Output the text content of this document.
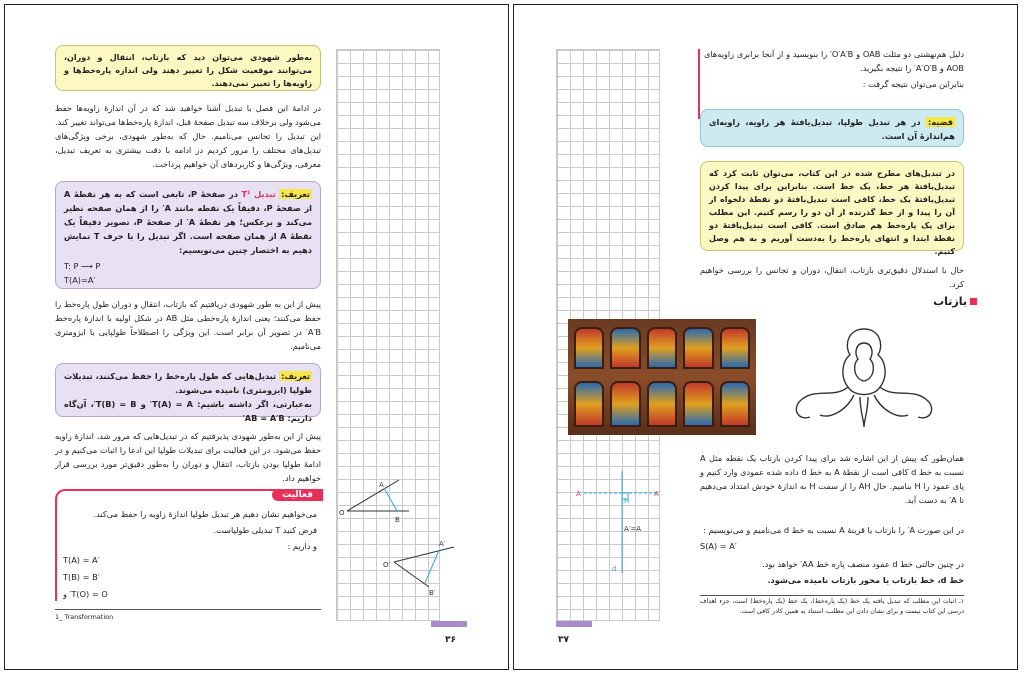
به‌طور شهودی می‌توان دید که بازتاب، انتقال و دوران، می‌توانند موقعیت شکل را تغییر دهند ولی اندازه پاره‌خط‌ها و زاویه‌ها را تغییر نمی‌دهند.
در ادامهٔ این فصل با تبدیل آشنا خواهید شد که در آن اندازهٔ زاویه‌ها حفظ می‌شود ولی برخلاف سه تبدیل صفحهٔ قبل، اندازهٔ پاره‌خط‌ها می‌تواند تغییر کند. این تبدیل را تجانس می‌نامیم. حال که به‌طور شهودی، برخی ویژگی‌های تبدیل‌های مختلف را مرور کردیم در ادامه با دقت بیشتری به تعریف تبدیل، معرفی، ویژگی‌ها و کاربردهای آن خواهیم پرداخت.
تعریف: تبدیل T¹ در صفحهٔ P، تابعی است که به هر نقطهٔ A از صفحهٔ P، دقیقاً یک نقطه مانند A′ را از همان صفحه نظیر می‌کند و برعکس؛ هر نقطهٔ A′ از صفحهٔ P، تصویر دقیقاً یک نقطهٔ A از همان صفحه است. اگر تبدیل را با حرف T نمایش دهیم به اختصار چنین می‌نویسیم:
T: P ⟶ P
T(A)=A′
پیش از این به طور شهودی دریافتیم که بازتاب، انتقال و دوران طول پاره‌خط را حفظ می‌کنند؛ یعنی اندازهٔ پاره‌خطی مثل AB در شکل اولیه با اندازهٔ پاره‌خط A′B′ در تصویر آن برابر است. این ویژگی را اصطلاحاً طولپایی یا ایزومتری می‌نامیم.
تعریف: تبدیل‌هایی که طول پاره‌خط را حفظ می‌کنند، تبدیلات طولپا (ایزومتری) نامیده می‌شوند.
به‌عبارتی، اگر داشته باشیم: T(A) = A′ و T(B) = B′، آن‌گاه داریم: AB = A′B′
پیش از این به‌طور شهودی پذیرفتیم که در تبدیل‌هایی که مرور شد، اندازهٔ زاویه حفظ می‌شود. در این فعالیت برای تبدیلات طولپا این ادعا را اثبات می‌کنیم و در ادامهٔ طولپا بودن بازتاب، انتقال و دوران را به‌طور دقیق‌تر مورد بررسی قرار خواهیم داد.
فعالیت
می‌خواهیم نشان دهیم هر تبدیل طولپا اندازهٔ زاویه را حفظ می‌کند.
فرض کنید T تبدیلی طولپاست.
و داریم :
T(A) = A′
T(B) = B′
T(O) = O′ و
1_ Transformation
۳۶
A
B
O
A′
B′
O′
دلیل هم‌نهشتی دو مثلث OAB و O′A′B′ را بنویسید و از آنجا برابری زاویه‌های AOB و A′O′B′ را نتیجه بگیرید.
بنابراین می‌توان نتیجه گرفت :
قضیه: در هر تبدیل طولپا، تبدیل‌یافتهٔ هر زاویه، زاویه‌ای هم‌اندازهٔ آن است.
در تبدیل‌های مطرح شده در این کتاب، می‌توان ثابت کرد که تبدیل‌یافتهٔ هر خط، یک خط است. بنابراین برای پیدا کردن تبدیل‌یافتهٔ یک خط، کافی است تبدیل‌یافتهٔ دو نقطهٔ دلخواه از آن را پیدا و از خط گذرنده از آن دو را رسم کنیم. این مطلب برای یک پاره‌خط هم صادق است. کافی است تبدیل‌یافتهٔ دو نقطهٔ ابتدا و انتهای پاره‌خط را به‌دست آوریم و به هم وصل کنیم.
حال با استدلال دقیق‌تری بازتاب، انتقال، دوران و تجانس را بررسی خواهیم کرد.
بازتاب
همان‌طور که پیش از این اشاره شد برای پیدا کردن بازتاب یک نقطه مثل A نسبت به خط d کافی است از نقطهٔ A به خط d داده شده عمودی وارد کنیم و پای عمود را H بنامیم. حال AH را از سمت H به اندازهٔ خودش امتداد می‌دهیم تا A′ به دست آید.
A	A′
H
A′=A
d
در این صورت A′ را بازتاب یا قرینهٔ A نسبت به خط d می‌نامیم و می‌نویسیم :
S(A) = A′
در چنین حالتی خط d عمود منصف پاره خط AA′ خواهد بود.
خط d، خط بازتاب یا محور بازتاب نامیده می‌شود.
۱ـ اثبات این مطلب که تبدیل یافته یک خط (یک پاره‌خط)، یک خط (یک پاره‌خط) است، جزء اهداف درسی این کتاب نیست و برای نشان دادن این مطلب، استناد به همین کادر کافی است.
۳۷
